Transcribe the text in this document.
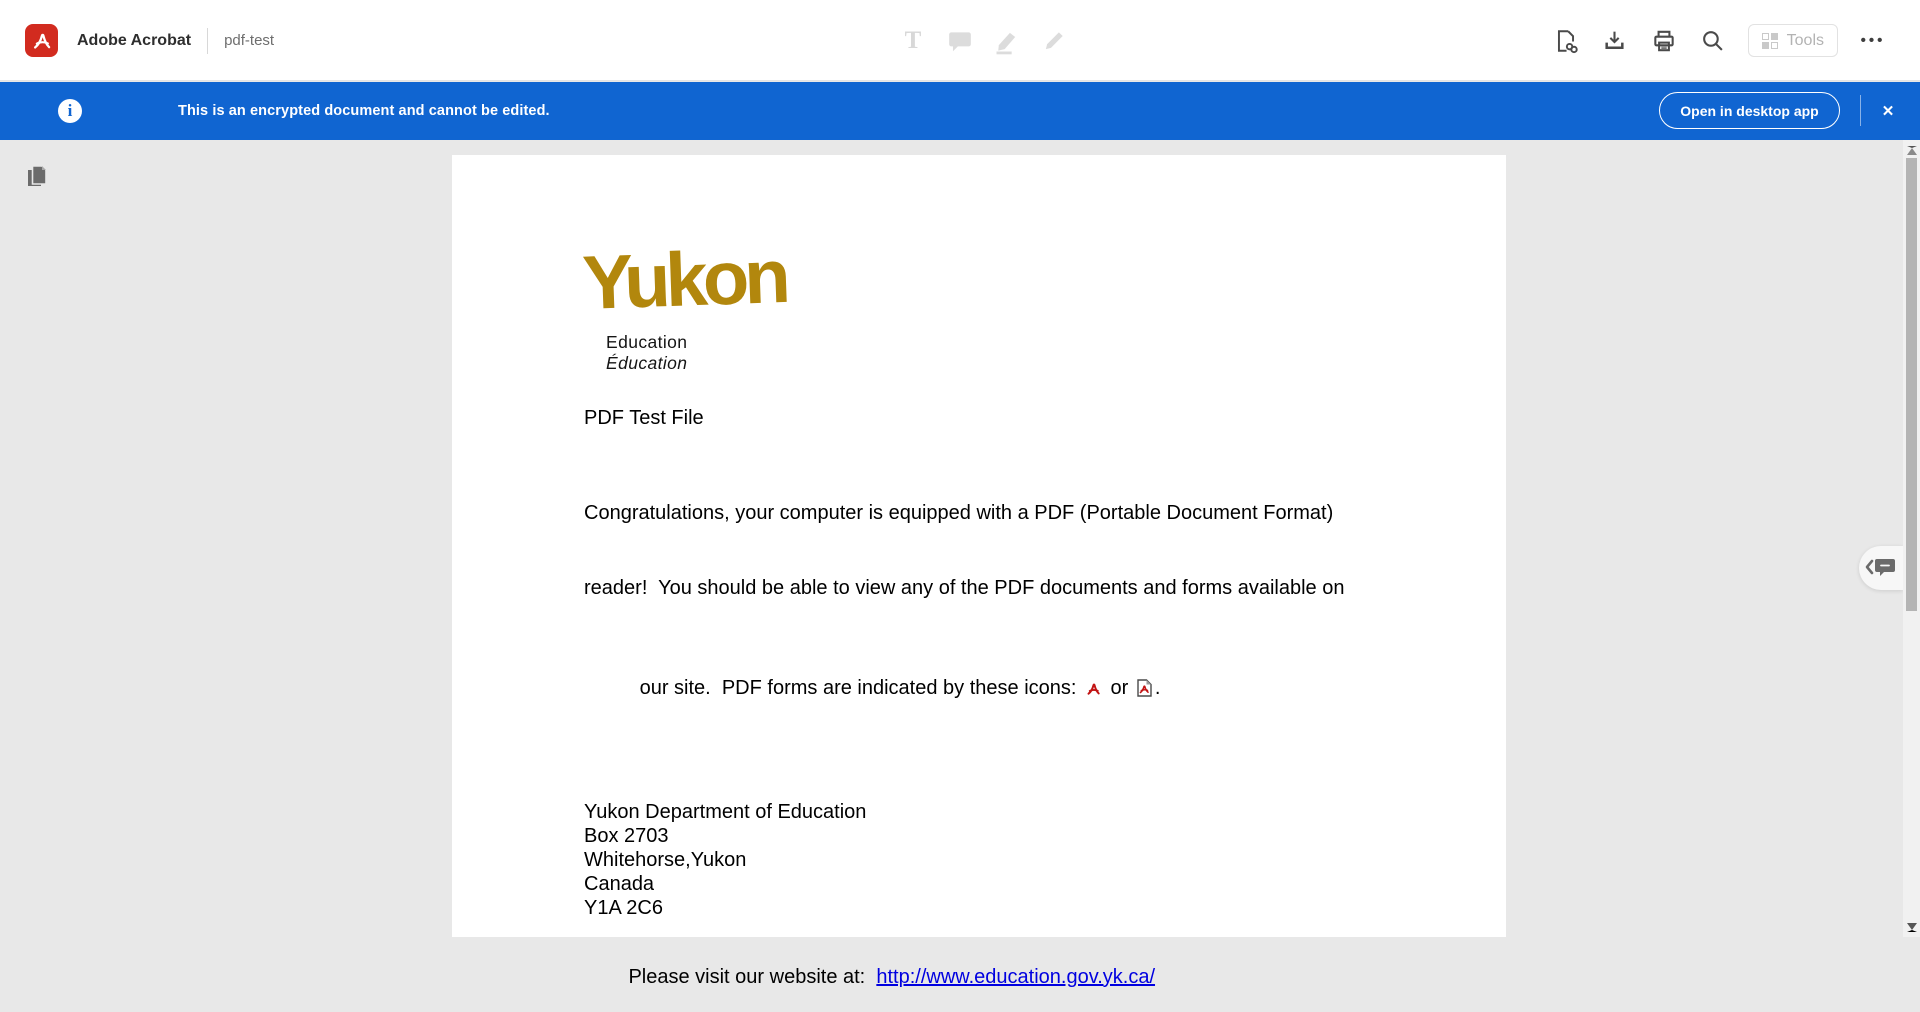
Adobe Acrobat pdf-test	T	Tools •••
i	This is an encrypted document and cannot be edited.	Open in desktop app	✕
Yukon
Education
Éducation
PDF Test File

Congratulations, your computer is equipped with a PDF (Portable Document Format)

reader!  You should be able to view any of the PDF documents and forms available on

our site.  PDF forms are indicated by these icons:  or .

Yukon Department of Education
Box 2703
Whitehorse,Yukon
Canada
Y1A 2C6

Please visit our website at:  http://www.education.gov.yk.ca/
